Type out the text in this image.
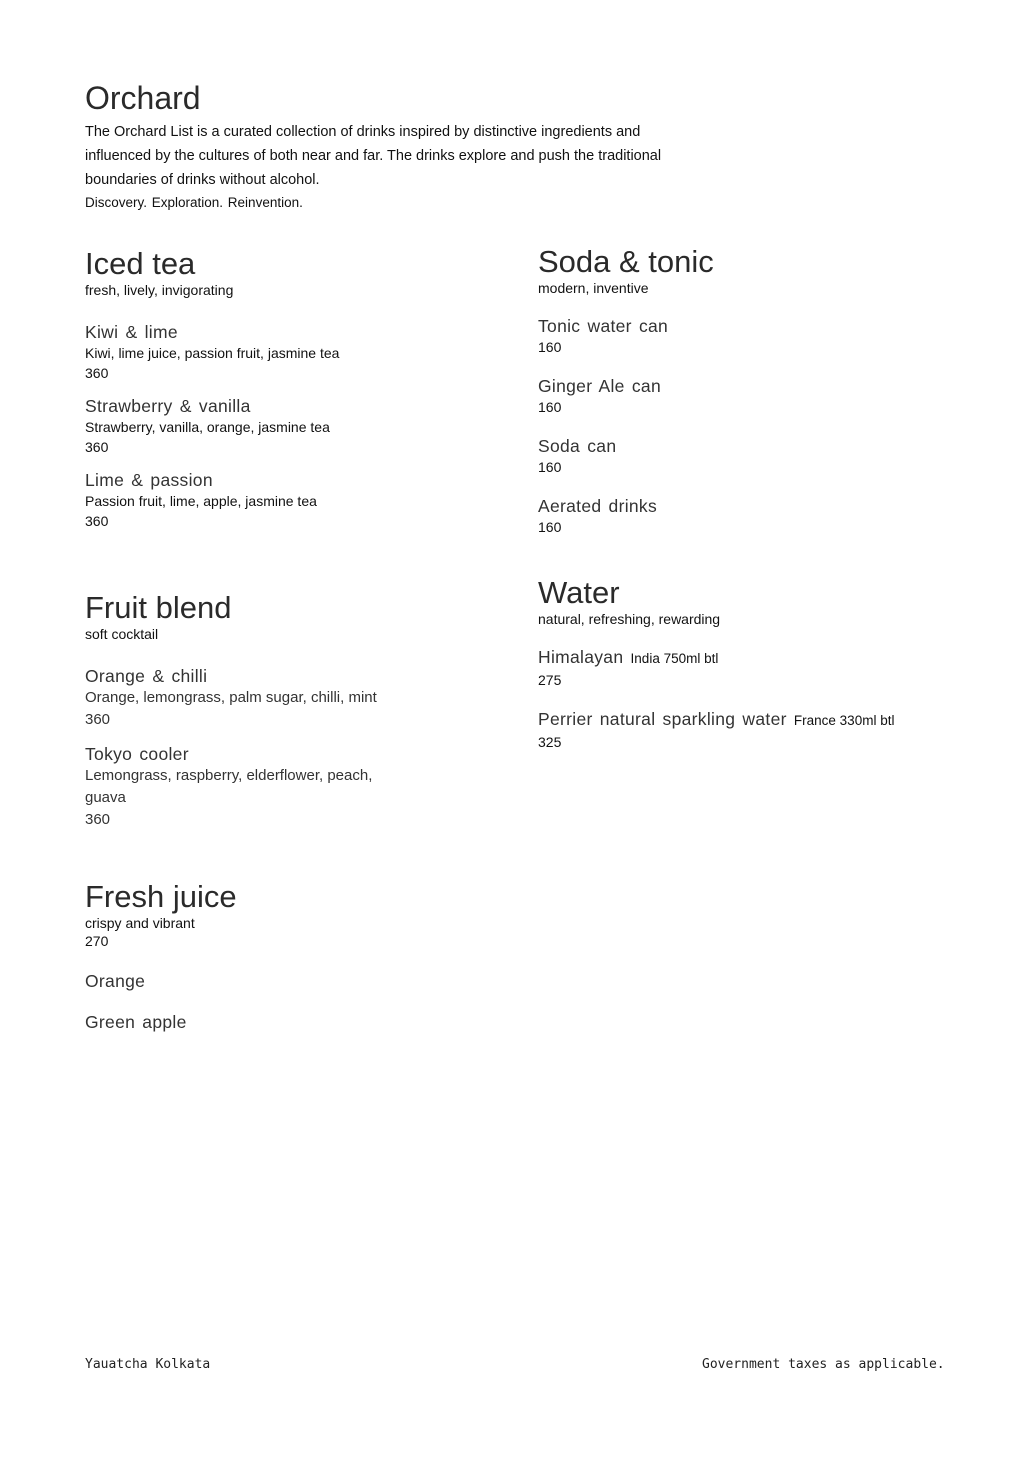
Orchard

The Orchard List is a curated collection of drinks inspired by distinctive ingredients and influenced by the cultures of both near and far. The drinks explore and push the traditional boundaries of drinks without alcohol.

Discovery. Exploration. Reinvention.
Iced tea
fresh, lively, invigorating
Kiwi & lime
Kiwi, lime juice, passion fruit, jasmine tea
360
Strawberry & vanilla
Strawberry, vanilla, orange, jasmine tea
360
Lime & passion
Passion fruit, lime, apple, jasmine tea
360
Fruit blend
soft cocktail
Orange & chilli
Orange, lemongrass, palm sugar, chilli, mint
360
Tokyo cooler
Lemongrass, raspberry, elderflower, peach, guava
360
Fresh juice
crispy and vibrant
270
Orange
Green apple
Soda & tonic
modern, inventive
Tonic water can
160
Ginger Ale can
160
Soda can
160
Aerated drinks
160
Water
natural, refreshing, rewarding
Himalayan India 750ml btl
275
Perrier natural sparkling water France 330ml btl
325
Yauatcha Kolkata	Government taxes as applicable.
